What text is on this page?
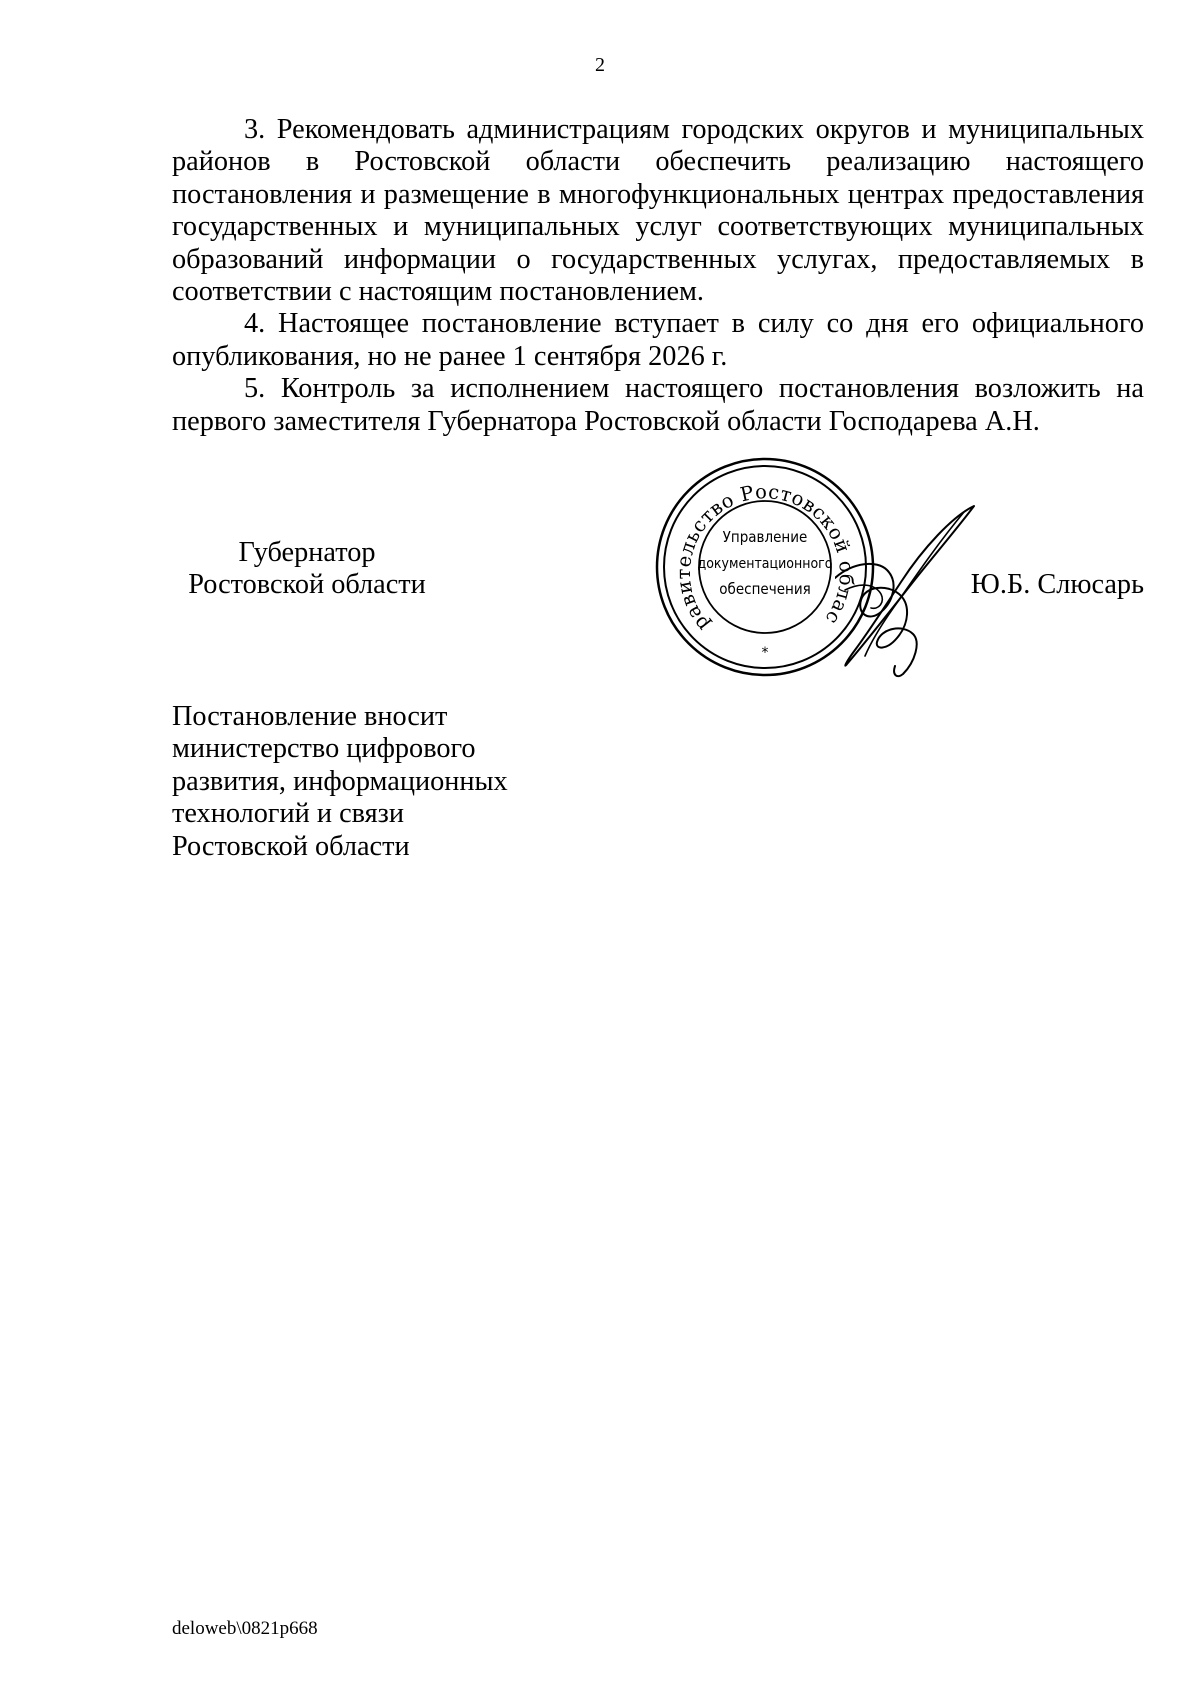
2

3. Рекомендовать администрациям городских округов и муниципальных районов в Ростовской области обеспечить реализацию настоящего постановления и размещение в многофункциональных центрах предоставления государственных и муниципальных услуг соответствующих муниципальных образований информации о государственных услугах, предоставляемых в соответствии с настоящим постановлением.

4. Настоящее постановление вступает в силу со дня его официального опубликования, но не ранее 1 сентября 2026 г.

5. Контроль за исполнением настоящего постановления возложить на первого заместителя Губернатора Ростовской области Господарева А.Н.

Губернатор
Ростовской области
равительство Ростовской облас
Управление
документационного
обеспечения
*
Ю.Б. Слюсарь
Постановление вносит
министерство цифрового
развития, информационных
технологий и связи
Ростовской области
deloweb\0821p668
